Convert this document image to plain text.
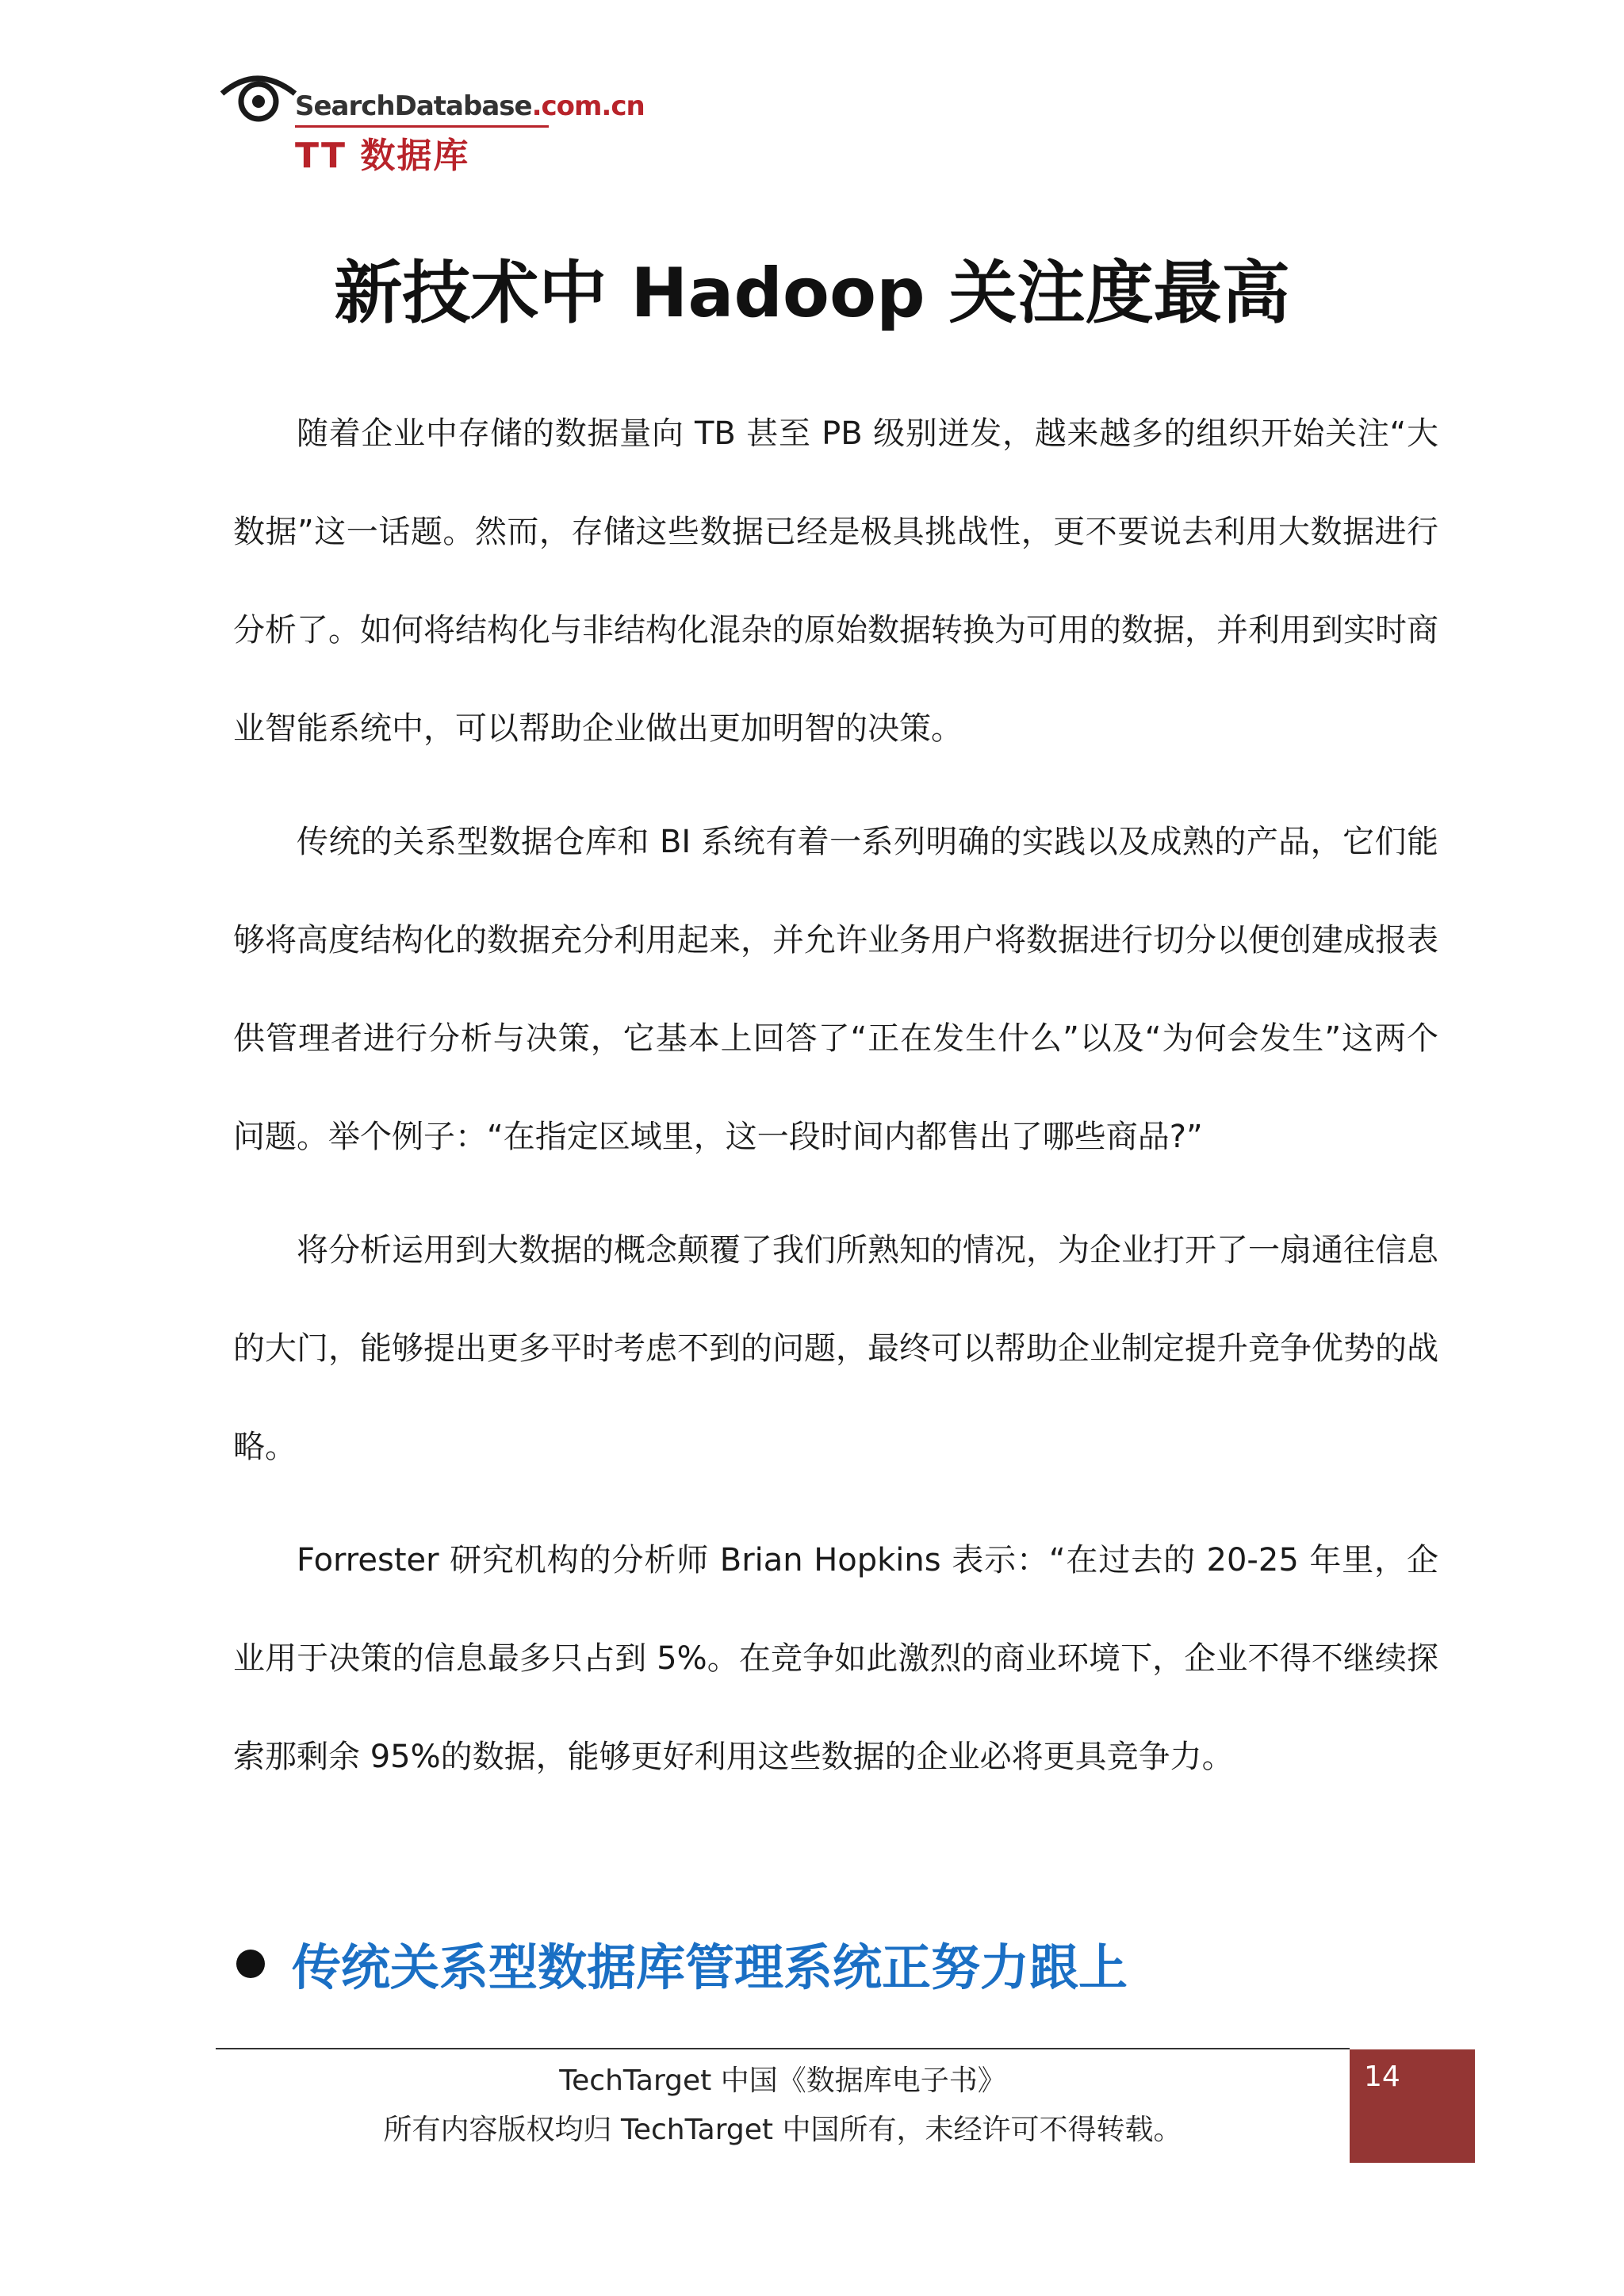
SearchDatabase.com.cn
TT 数据库
新技术中 Hadoop 关注度最高

随着企业中存储的数据量向 TB 甚至 PB 级别迸发，越来越多的组织开始关注“大数据”这一话题。然而，存储这些数据已经是极具挑战性，更不要说去利用大数据进行分析了。如何将结构化与非结构化混杂的原始数据转换为可用的数据，并利用到实时商业智能系统中，可以帮助企业做出更加明智的决策。

传统的关系型数据仓库和 BI 系统有着一系列明确的实践以及成熟的产品，它们能够将高度结构化的数据充分利用起来，并允许业务用户将数据进行切分以便创建成报表供管理者进行分析与决策，它基本上回答了“正在发生什么”以及“为何会发生”这两个问题。举个例子：“在指定区域里，这一段时间内都售出了哪些商品?”

将分析运用到大数据的概念颠覆了我们所熟知的情况，为企业打开了一扇通往信息的大门，能够提出更多平时考虑不到的问题，最终可以帮助企业制定提升竞争优势的战略。

Forrester 研究机构的分析师 Brian Hopkins 表示：“在过去的 20-25 年里，企业用于决策的信息最多只占到 5%。在竞争如此激烈的商业环境下，企业不得不继续探索那剩余 95%的数据，能够更好利用这些数据的企业必将更具竞争力。

传统关系型数据库管理系统正努力跟上
TechTarget 中国《数据库电子书》
所有内容版权均归 TechTarget 中国所有，未经许可不得转载。
14
